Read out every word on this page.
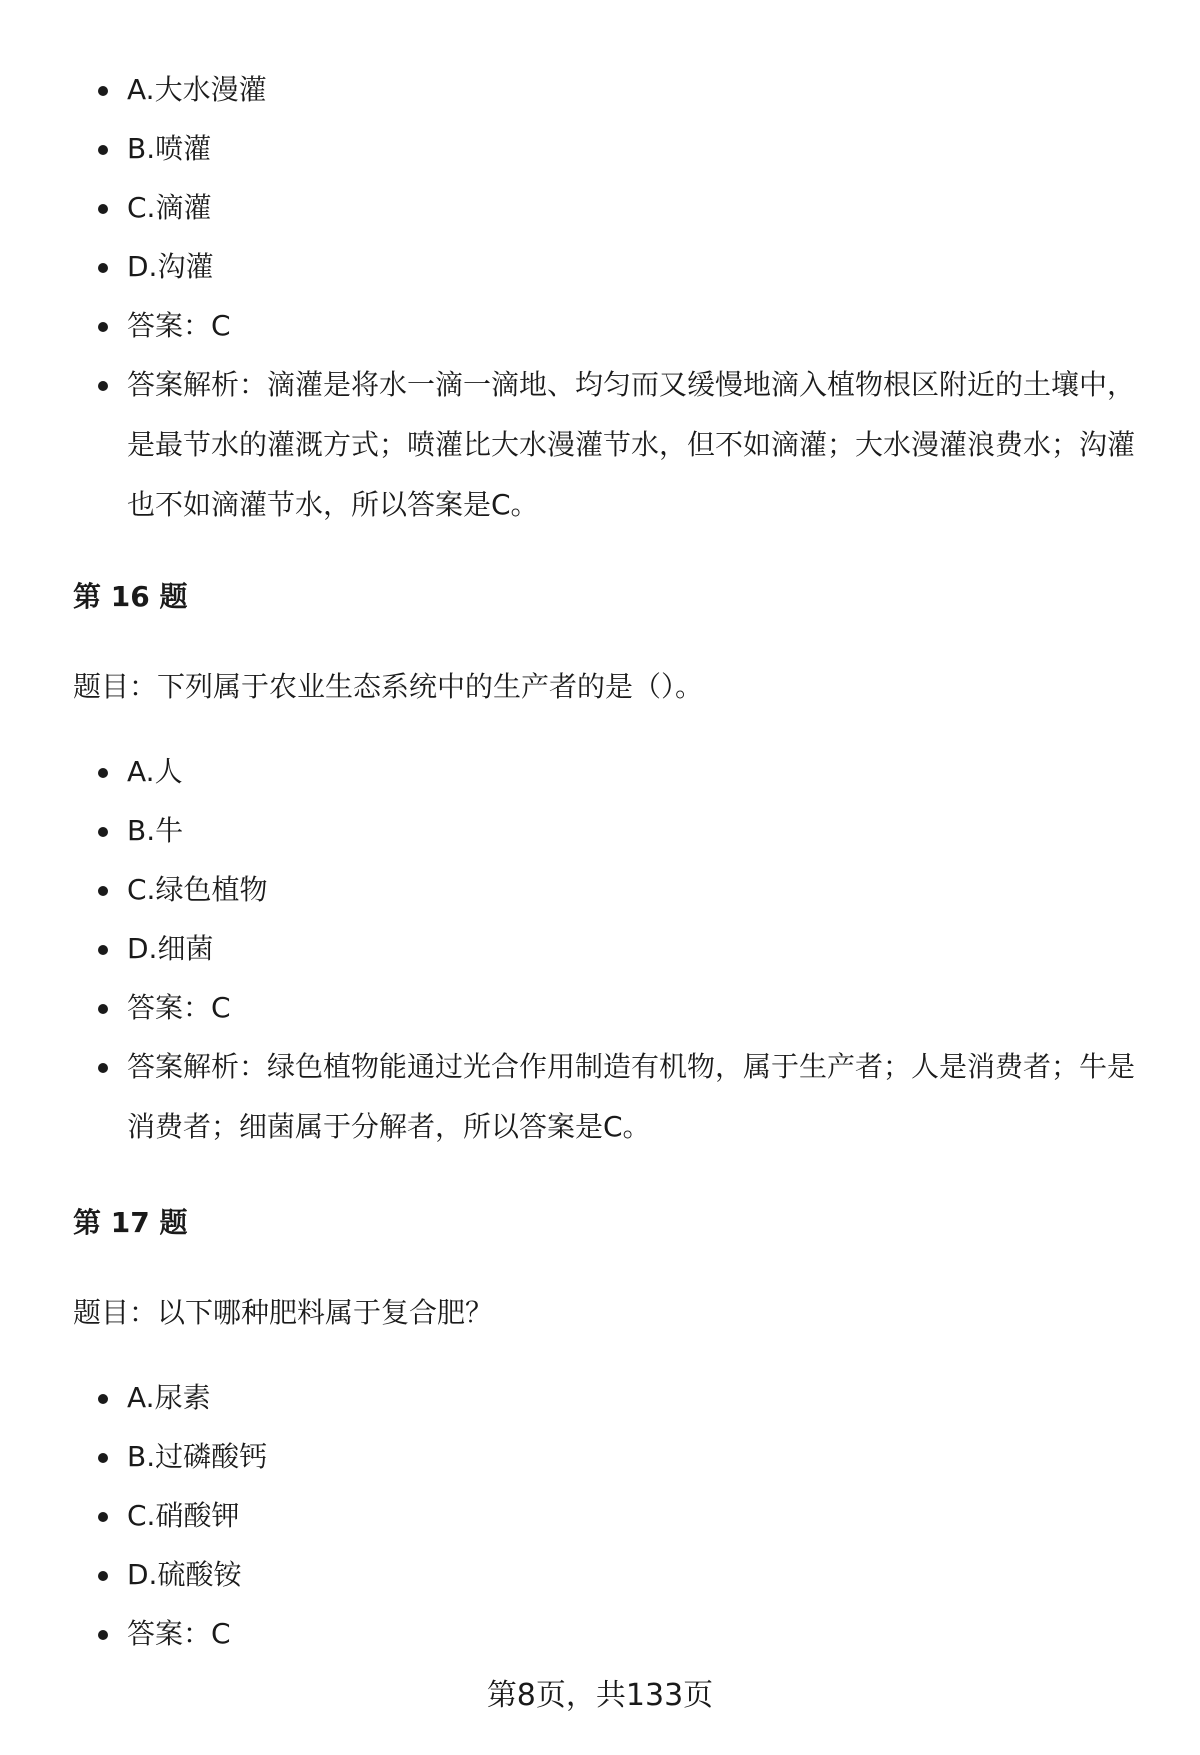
A.大水漫灌
B.喷灌
C.滴灌
D.沟灌
答案：C
答案解析：滴灌是将水一滴一滴地、均匀而又缓慢地滴入植物根区附近的土壤中，是最节水的灌溉方式；喷灌比大水漫灌节水，但不如滴灌；大水漫灌浪费水；沟灌也不如滴灌节水，所以答案是C。
第 16 题
题目：下列属于农业生态系统中的生产者的是（）。
A.人
B.牛
C.绿色植物
D.细菌
答案：C
答案解析：绿色植物能通过光合作用制造有机物，属于生产者；人是消费者；牛是消费者；细菌属于分解者，所以答案是C。
第 17 题
题目：以下哪种肥料属于复合肥？
A.尿素
B.过磷酸钙
C.硝酸钾
D.硫酸铵
答案：C
第8页，共133页
